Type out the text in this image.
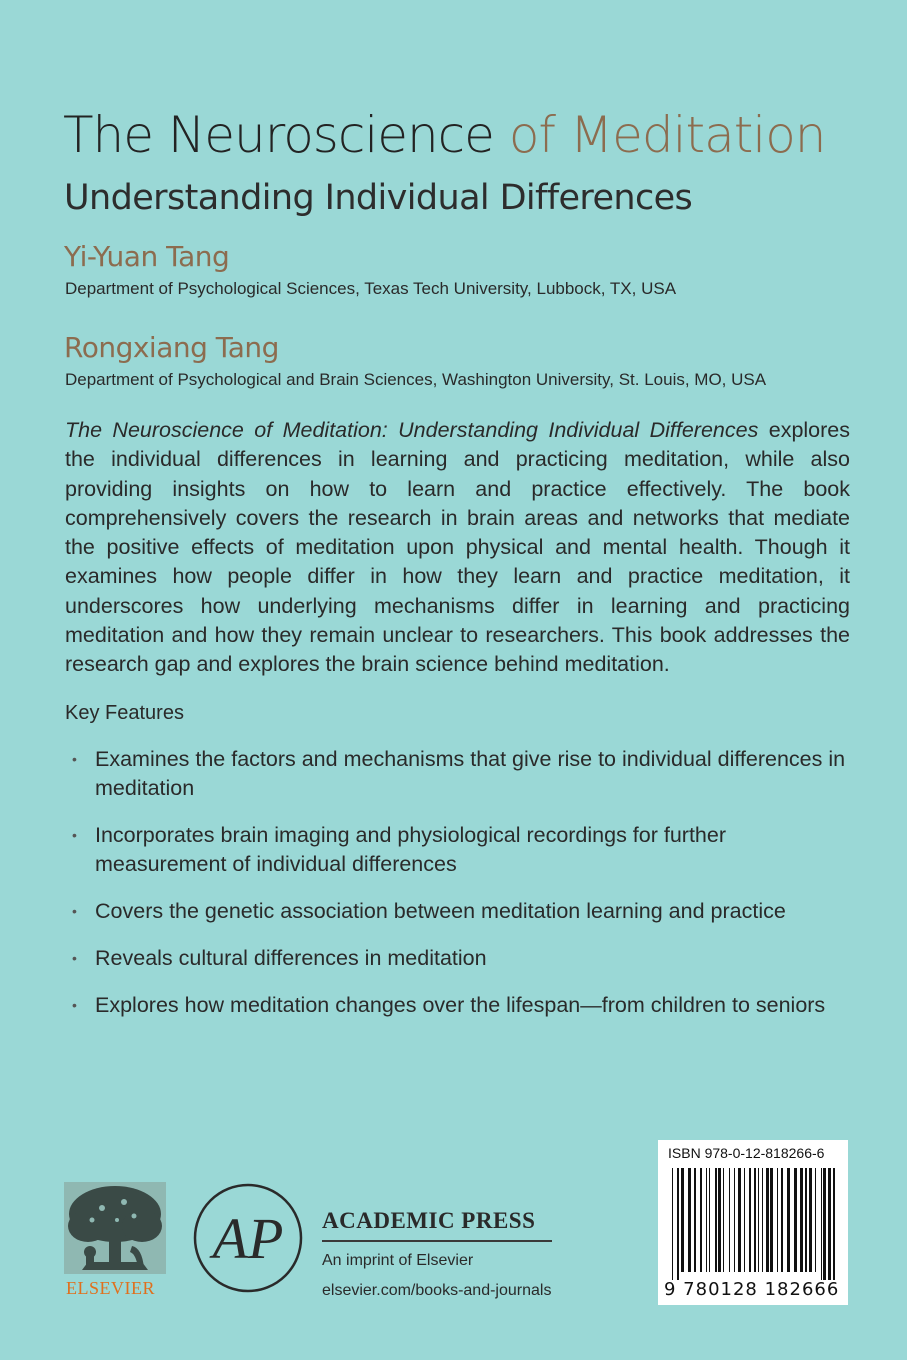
The Neuroscience of Meditation
Understanding Individual Differences
Yi-Yuan Tang
Department of Psychological Sciences, Texas Tech University, Lubbock, TX, USA
Rongxiang Tang
Department of Psychological and Brain Sciences, Washington University, St. Louis, MO, USA
The Neuroscience of Meditation: Understanding Individual Differences explores the individual differences in learning and practicing meditation, while also providing insights on how to learn and practice effectively. The book comprehensively covers the research in brain areas and networks that mediate the positive effects of meditation upon physical and mental health. Though it examines how people differ in how they learn and practice meditation, it underscores how underlying mechanisms differ in learning and practicing meditation and how they remain unclear to researchers. This book addresses the research gap and explores the brain science behind meditation.
Key Features
• Examines the factors and mechanisms that give rise to individual differences in meditation
• Incorporates brain imaging and physiological recordings for further measurement of individual differences
• Covers the genetic association between meditation learning and practice
• Reveals cultural differences in meditation
• Explores how meditation changes over the lifespan—from children to seniors
ELSEVIER
AP ACADEMIC PRESS
An imprint of Elsevier
elsevier.com/books-and-journals
ISBN 978-0-12-818266-6
9 780128 182666
